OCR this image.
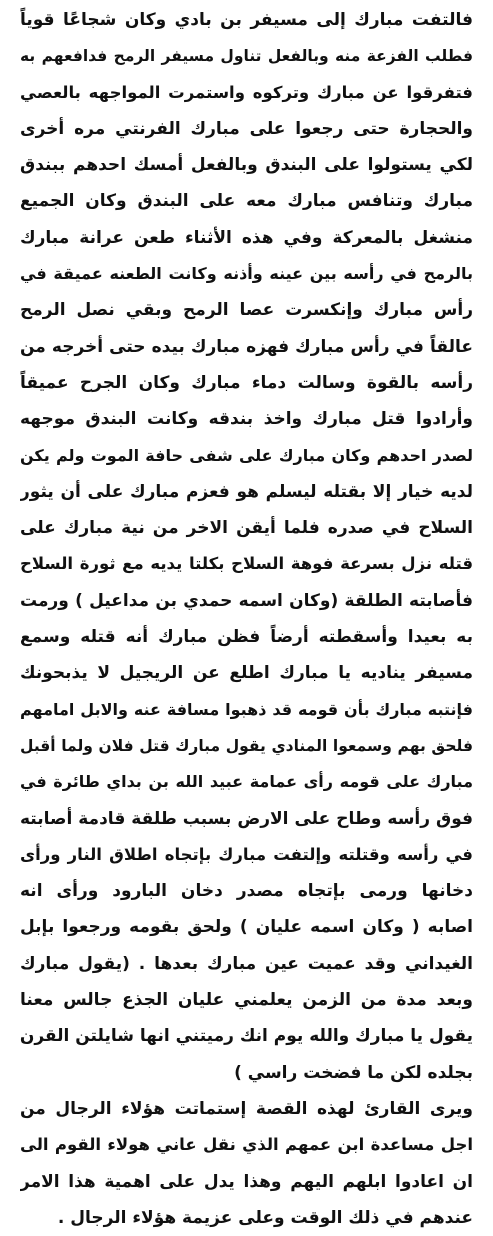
فالتفت مبارك إلى مسيفر بن بادي وكان شجاعًا قوياً
فطلب الفزعة منه وبالفعل تناول مسيفر الرمح فدافعهم به
فتفرقوا عن مبارك وتركوه واستمرت المواجهه بالعصي
والحجارة حتى رجعوا على مبارك الفرنتي مره أخرى
لكي يستولوا على البندق وبالفعل أمسك احدهم ببندق
مبارك وتنافس مبارك معه على البندق وكان الجميع
منشغل بالمعركة وفي هذه الأثناء طعن عرانة مبارك
بالرمح في رأسه بين عينه وأذنه وكانت الطعنه عميقة في
رأس مبارك وإنكسرت عصا الرمح وبقي نصل الرمح
عالقاً في رأس مبارك فهزه مبارك بيده حتى أخرجه من
رأسه بالقوة وسالت دماء مبارك وكان الجرح عميقاً
وأرادوا قتل مبارك واخذ بندقه وكانت البندق موجهه
لصدر احدهم وكان مبارك على شفى حافة الموت ولم يكن
لديه خيار إلا بقتله ليسلم هو فعزم مبارك على أن يثور
السلاح في صدره فلما أيقن الاخر من نية مبارك على
قتله نزل بسرعة فوهة السلاح بكلتا يديه مع ثورة السلاح
فأصابته الطلقة (وكان اسمه حمدي بن مداعيل ) ورمت
به بعيدا وأسقطته أرضاً فظن مبارك أنه قتله وسمع
مسيفر يناديه يا مبارك اطلع عن الريجيل لا يذبحونك
فإنتبه مبارك بأن قومه قد ذهبوا مسافة عنه والابل امامهم
فلحق بهم وسمعوا المنادي يقول مبارك قتل فلان ولما أقبل
مبارك على قومه رأى عمامة عبيد الله بن بداي طائرة في
فوق رأسه وطاح على الارض بسبب طلقة قادمة أصابته
في رأسه وقتلته وإلتفت مبارك بإتجاه اطلاق النار ورأى
دخانها ورمى بإتجاه مصدر دخان البارود ورأى انه
اصابه ( وكان اسمه عليان ) ولحق بقومه ورجعوا بإبل
الغيداني وقد عميت عين مبارك بعدها . (يقول مبارك
وبعد مدة من الزمن يعلمني عليان الجذع جالس معنا
يقول يا مبارك والله يوم انك رميتني انها شايلتن القرن
بجلده لكن ما فضخت راسي )
ويرى القارئ لهذه القصة إستماتت هؤلاء الرجال من
اجل مساعدة ابن عمهم الذي نقل عاني هولاء القوم الى
ان اعادوا ابلهم اليهم وهذا يدل على اهمية هذا الامر
عندهم في ذلك الوقت وعلى عزيمة هؤلاء الرجال .
